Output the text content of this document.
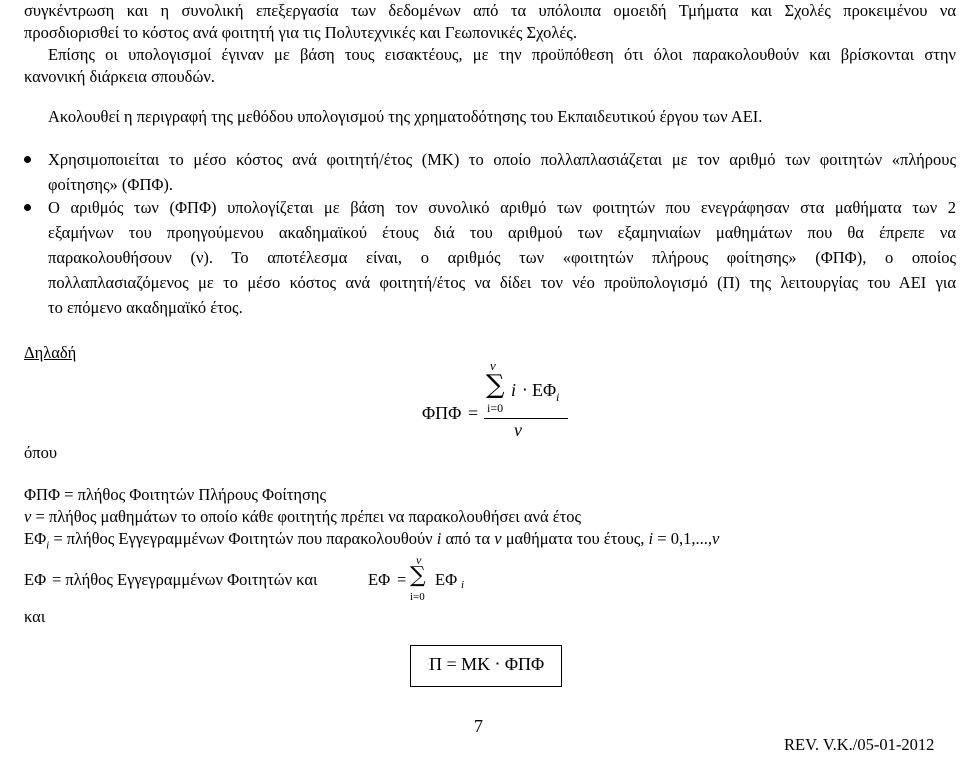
συγκέντρωση και η συνολική επεξεργασία των δεδομένων από τα υπόλοιπα ομοειδή Τμήματα και Σχολές προκειμένου να
προσδιορισθεί το κόστος ανά φοιτητή για τις Πολυτεχνικές και Γεωπονικές Σχολές.
Επίσης οι υπολογισμοί έγιναν με βάση τους εισακτέους, με την προϋπόθεση ότι όλοι παρακολουθούν και βρίσκονται στην
κανονική διάρκεια σπουδών.
Ακολουθεί η περιγραφή της μεθόδου υπολογισμού της χρηματοδότησης του Εκπαιδευτικού έργου των ΑΕΙ.
Χρησιμοποιείται το μέσο κόστος ανά φοιτητή/έτος (ΜΚ) το οποίο πολλαπλασιάζεται με τον αριθμό των φοιτητών «πλήρους
φοίτησης» (ΦΠΦ).
Ο αριθμός των (ΦΠΦ) υπολογίζεται με βάση τον συνολικό αριθμό των φοιτητών που ενεγράφησαν στα μαθήματα των 2
εξαμήνων του προηγούμενου ακαδημαϊκού έτους διά του αριθμού των εξαμηνιαίων μαθημάτων που θα έπρεπε να
παρακολουθήσουν (ν). Το αποτέλεσμα είναι, ο αριθμός των «φοιτητών πλήρους φοίτησης» (ΦΠΦ), ο οποίος
πολλαπλασιαζόμενος με το μέσο κόστος ανά φοιτητή/έτος να δίδει τον νέο προϋπολογισμό (Π) της λειτουργίας του ΑΕΙ για
το επόμενο ακαδημαϊκό έτος.
Δηλαδή
ΦΠΦ =
ν
∑
i=0
i ⋅ ΕΦ i
ν
όπου
ΦΠΦ = πλήθος Φοιτητών Πλήρους Φοίτησης
ν = πλήθος μαθημάτων το οποίο κάθε φοιτητής πρέπει να παρακολουθήσει ανά έτος
$E\Phi_i = \pi\lambda ή\theta o\varsigma$ Εγγεγραμμένων Φοιτητών που παρακολουθούν i από τα ν μαθήματα του έτους, i = 0,1,...,ν
ΕΦ = πλήθος Εγγεγραμμένων Φοιτητών και	ΕΦ =
ν
∑
i=0
ΕΦ i
και
Π = ΜΚ ⋅ ΦΠΦ
7
REV. V.K./05-01-2012
